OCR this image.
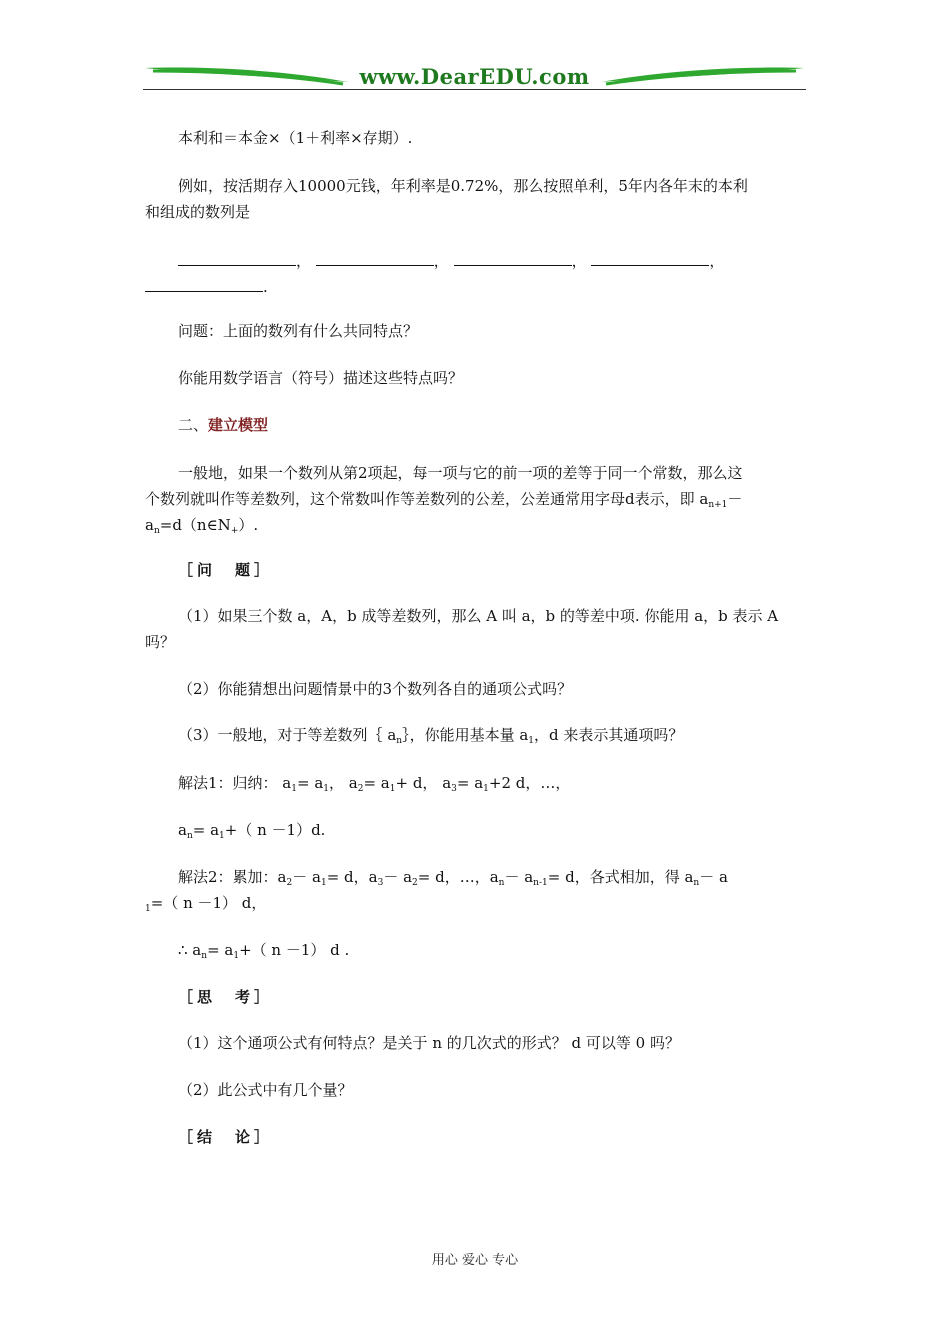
www.DearEDU.com
本利和＝本金×（1＋利率×存期）.
例如，按活期存入10000元钱，年利率是0.72%，那么按照单利，5年内各年末的本利
和组成的数列是
，	，	，	，
.
问题：上面的数列有什么共同特点？
你能用数学语言（符号）描述这些特点吗？
二、建立模型
一般地，如果一个数列从第2项起，每一项与它的前一项的差等于同一个常数，那么这
个数列就叫作等差数列，这个常数叫作等差数列的公差，公差通常用字母d表示，即 $a_{n+1}-$
$a_n=d(n\in N_+)$.
［问　题］
（1）如果三个数 a，A，b 成等差数列，那么 A 叫 a，b 的等差中项. 你能用 a，b 表示 A
吗？
（2）你能猜想出问题情景中的3个数列各自的通项公式吗？
（3）一般地，对于等差数列｛ $a_n\}$，你能用基本量 $a_1$，d 来表示其通项吗？
解法1：归纳： $a_1= a_1$， $a_2= a_1+ d$， $a_3= a_1+2$ d，…，
$a_n= a_1+$（ n －1）d.
解法2：累加：$a_2- a_1= d$，$a_3- a_2= d$，…，$a_n- a_{n-1}= d$，各式相加，得 $a_n- a$
$_1$=（ n －1） d，
∴ $a_n= a_1+$（ n －1） d .
［思　考］
（1）这个通项公式有何特点？是关于 n 的几次式的形式？ d 可以等 0 吗？
（2）此公式中有几个量？
［结　论］
用心 爱心 专心
